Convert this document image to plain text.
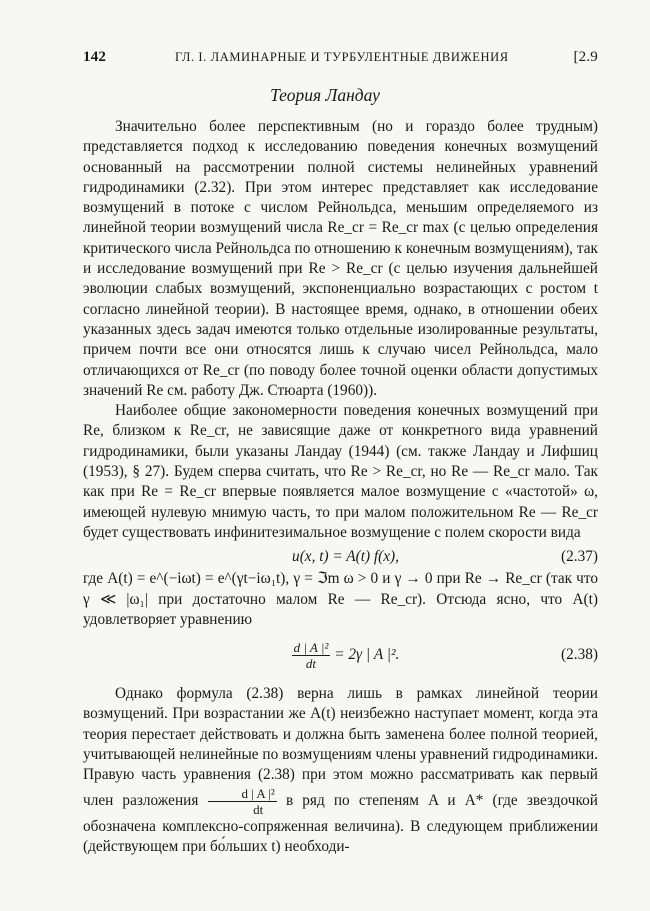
142	ГЛ. I. ЛАМИНАРНЫЕ И ТУРБУЛЕНТНЫЕ ДВИЖЕНИЯ	[2.9
Теория Ландау

Значительно более перспективным (но и гораздо более трудным) представляется подход к исследованию поведения конечных возмущений основанный на рассмотрении полной системы нелинейных уравнений гидродинамики (2.32). При этом интерес представляет как исследование возмущений в потоке с числом Рейнольдса, меньшим определяемого из линейной теории возмущений числа Re_cr = Re_cr max (с целью определения критического числа Рейнольдса по отношению к конечным возмущениям), так и исследование возмущений при Re > Re_cr (с целью изучения дальнейшей эволюции слабых возмущений, экспоненциально возрастающих с ростом t согласно линейной теории). В настоящее время, однако, в отношении обеих указанных здесь задач имеются только отдельные изолированные результаты, причем почти все они относятся лишь к случаю чисел Рейнольдса, мало отличающихся от Re_cr (по поводу более точной оценки области допустимых значений Re см. работу Дж. Стюарта (1960)).

Наиболее общие закономерности поведения конечных возмущений при Re, близком к Re_cr, не зависящие даже от конкретного вида уравнений гидродинамики, были указаны Ландау (1944) (см. также Ландау и Лифшиц (1953), § 27). Будем сперва считать, что Re > Re_cr, но Re — Re_cr мало. Так как при Re = Re_cr впервые появляется малое возмущение с «частотой» ω, имеющей нулевую мнимую часть, то при малом положительном Re — Re_cr будет существовать инфинитезимальное возмущение с полем скорости вида

u(x, t) = A(t) f(x),	(2.37)

где A(t) = e^(−iωt) = e^(γt−iω₁t), γ = ℑm ω > 0 и γ → 0 при Re → Re_cr (так что γ ≪ |ω₁| при достаточно малом Re — Re_cr). Отсюда ясно, что A(t) удовлетворяет уравнению

$\frac{\text{d | A |²}}{dt} = 2\gamma$ | A |².	(2.38)

Однако формула (2.38) верна лишь в рамках линейной теории возмущений. При возрастании же A(t) неизбежно наступает момент, когда эта теория перестает действовать и должна быть заменена более полной теорией, учитывающей нелинейные по возмущениям члены уравнений гидродинамики. Правую часть уравнения (2.38) при этом можно рассматривать как первый член разложения $\frac{\text{d | A |²}}{dt}$ в ряд по степеням A и A* (где звездочкой обозначена комплексно-сопряженная величина). В следующем приближении (действующем при бо́льших t) необходи-
